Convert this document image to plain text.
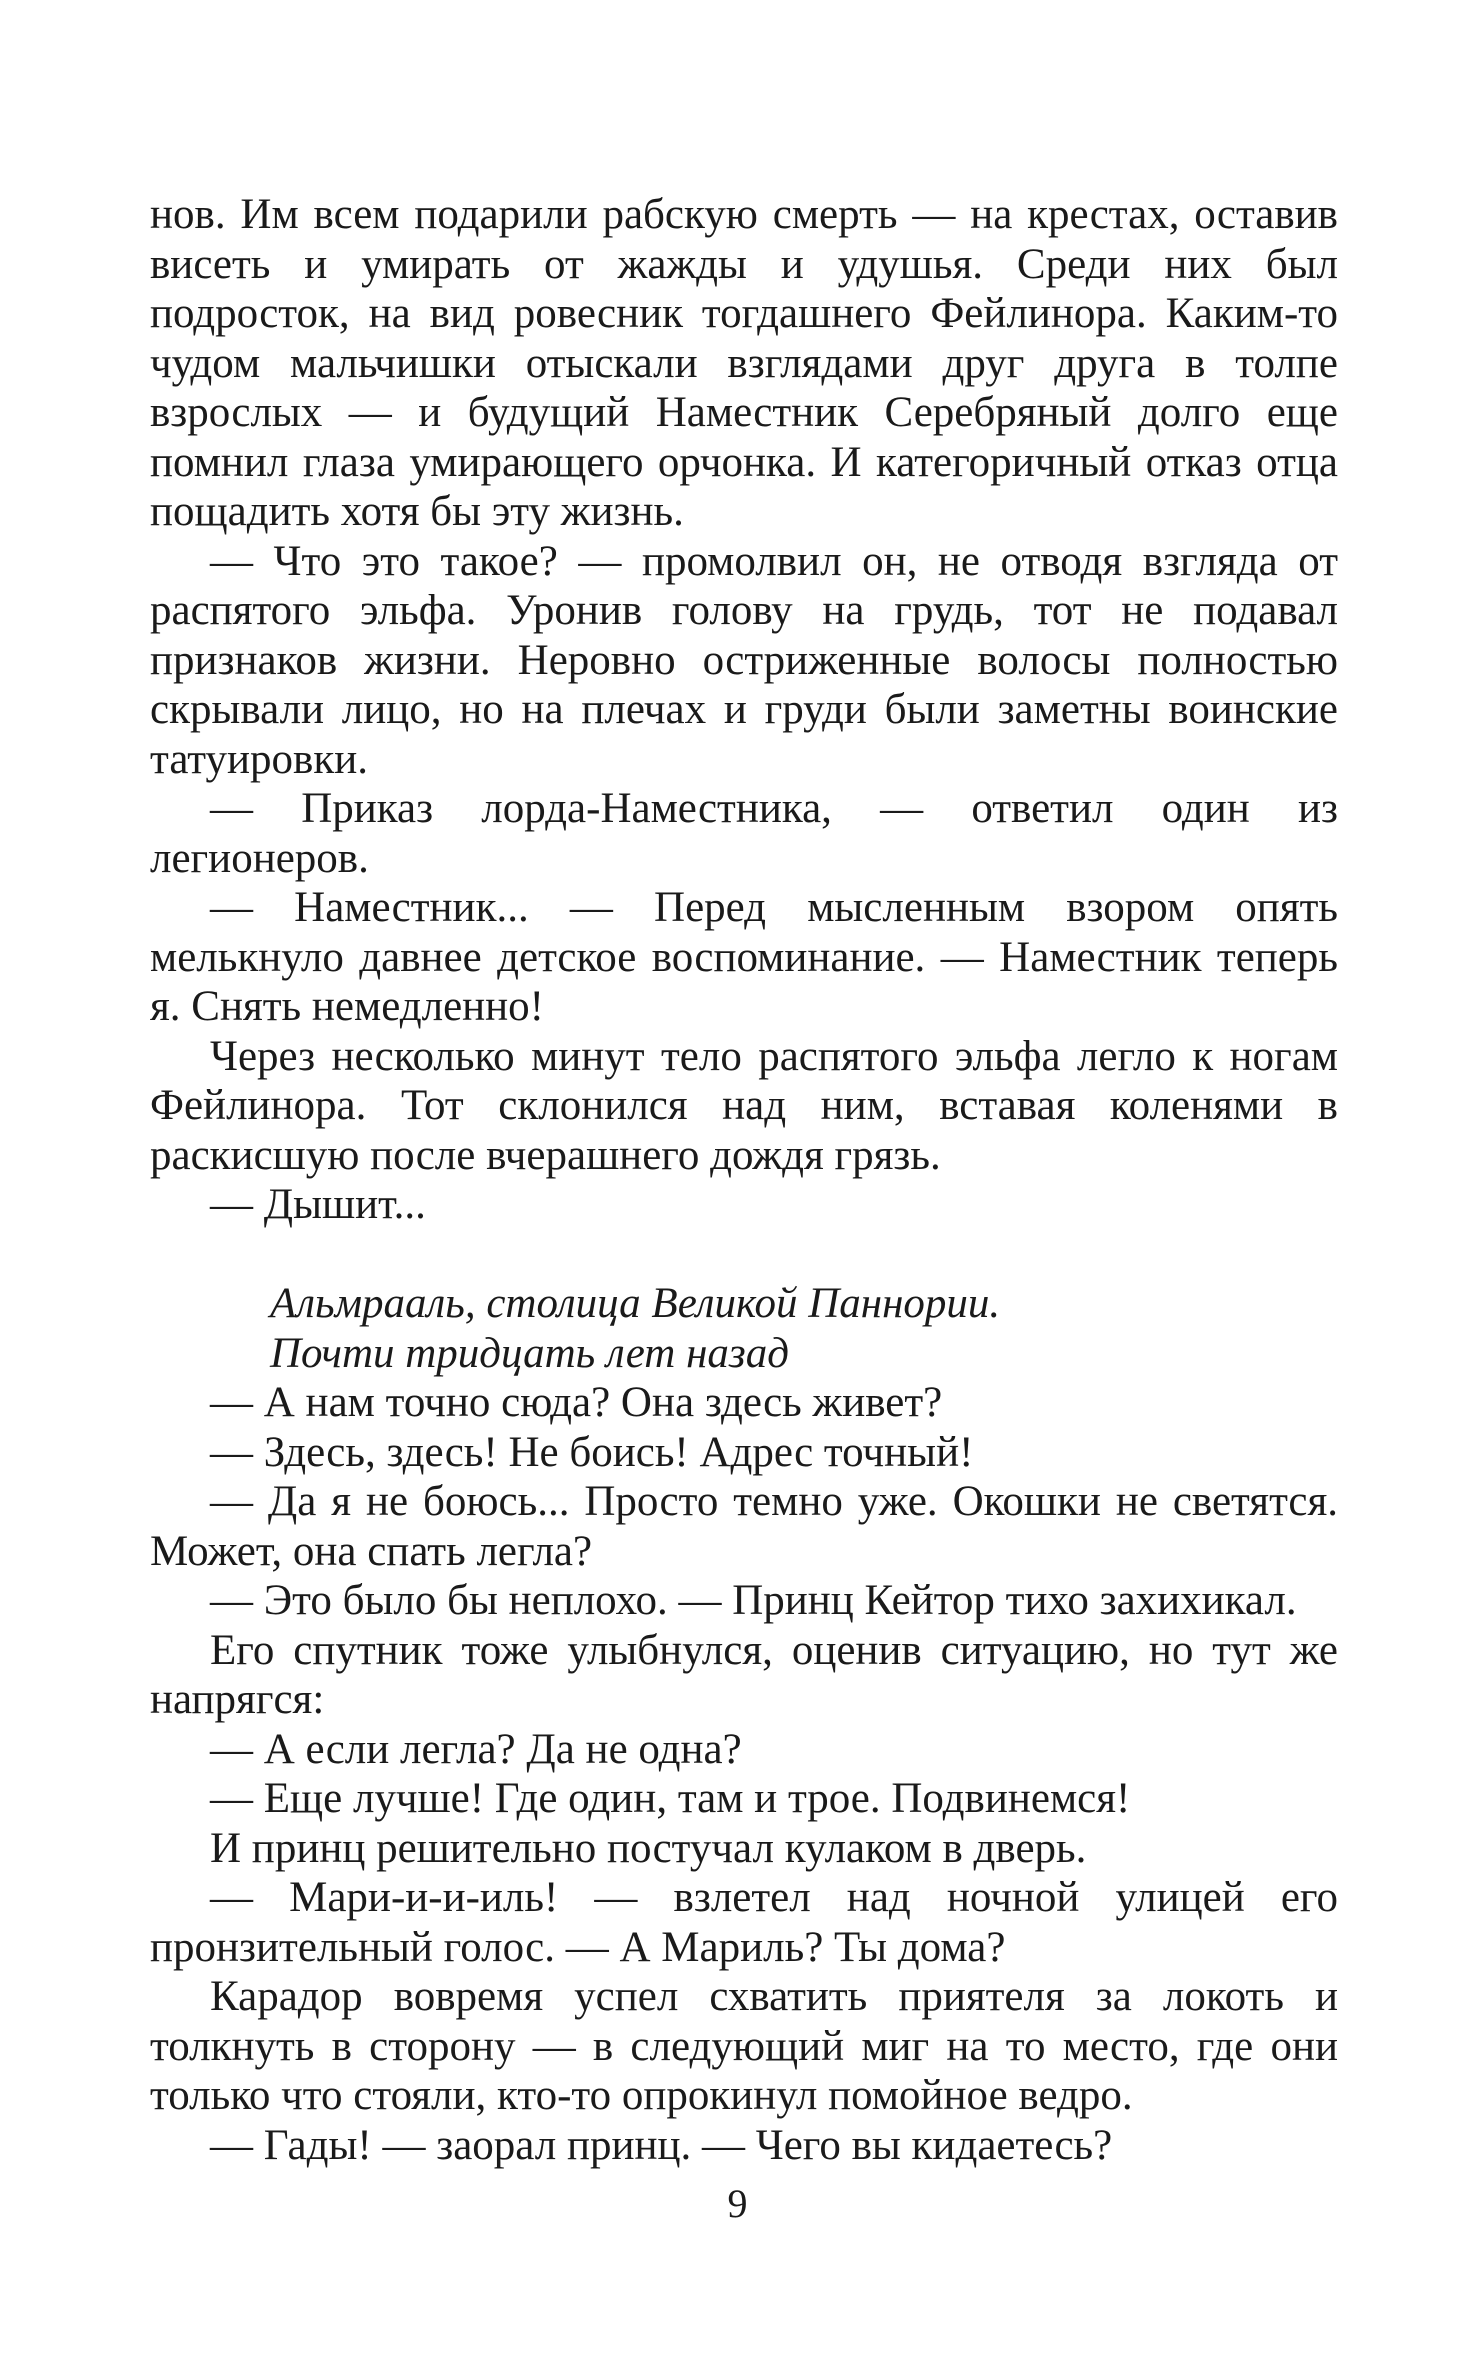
нов. Им всем подарили рабскую смерть — на крестах, оставив висеть и умирать от жажды и удушья. Среди них был подросток, на вид ровесник тогдашнего Фейлинора. Каким-то чудом мальчишки отыскали взглядами друг друга в толпе взрослых — и будущий Наместник Серебряный долго еще помнил глаза умирающего орчонка. И категоричный отказ отца пощадить хотя бы эту жизнь.

— Что это такое? — промолвил он, не отводя взгляда от распятого эльфа. Уронив голову на грудь, тот не подавал признаков жизни. Неровно остриженные волосы полностью скрывали лицо, но на плечах и груди были заметны воинские татуировки.

— Приказ лорда-Наместника, — ответил один из легионеров.

— Наместник... — Перед мысленным взором опять мелькнуло давнее детское воспоминание. — Наместник теперь я. Снять немедленно!

Через несколько минут тело распятого эльфа легло к ногам Фейлинора. Тот склонился над ним, вставая коленями в раскисшую после вчерашнего дождя грязь.

— Дышит...

Альмрааль, столица Великой Паннории.

Почти тридцать лет назад

— А нам точно сюда? Она здесь живет?

— Здесь, здесь! Не боись! Адрес точный!

— Да я не боюсь... Просто темно уже. Окошки не светятся. Может, она спать легла?

— Это было бы неплохо. — Принц Кейтор тихо захихикал.

Его спутник тоже улыбнулся, оценив ситуацию, но тут же напрягся:

— А если легла? Да не одна?

— Еще лучше! Где один, там и трое. Подвинемся!

И принц решительно постучал кулаком в дверь.

— Мари-и-и-иль! — взлетел над ночной улицей его пронзительный голос. — А Мариль? Ты дома?

Карадор вовремя успел схватить приятеля за локоть и толкнуть в сторону — в следующий миг на то место, где они только что стояли, кто-то опрокинул помойное ведро.

— Гады! — заорал принц. — Чего вы кидаетесь?

9
